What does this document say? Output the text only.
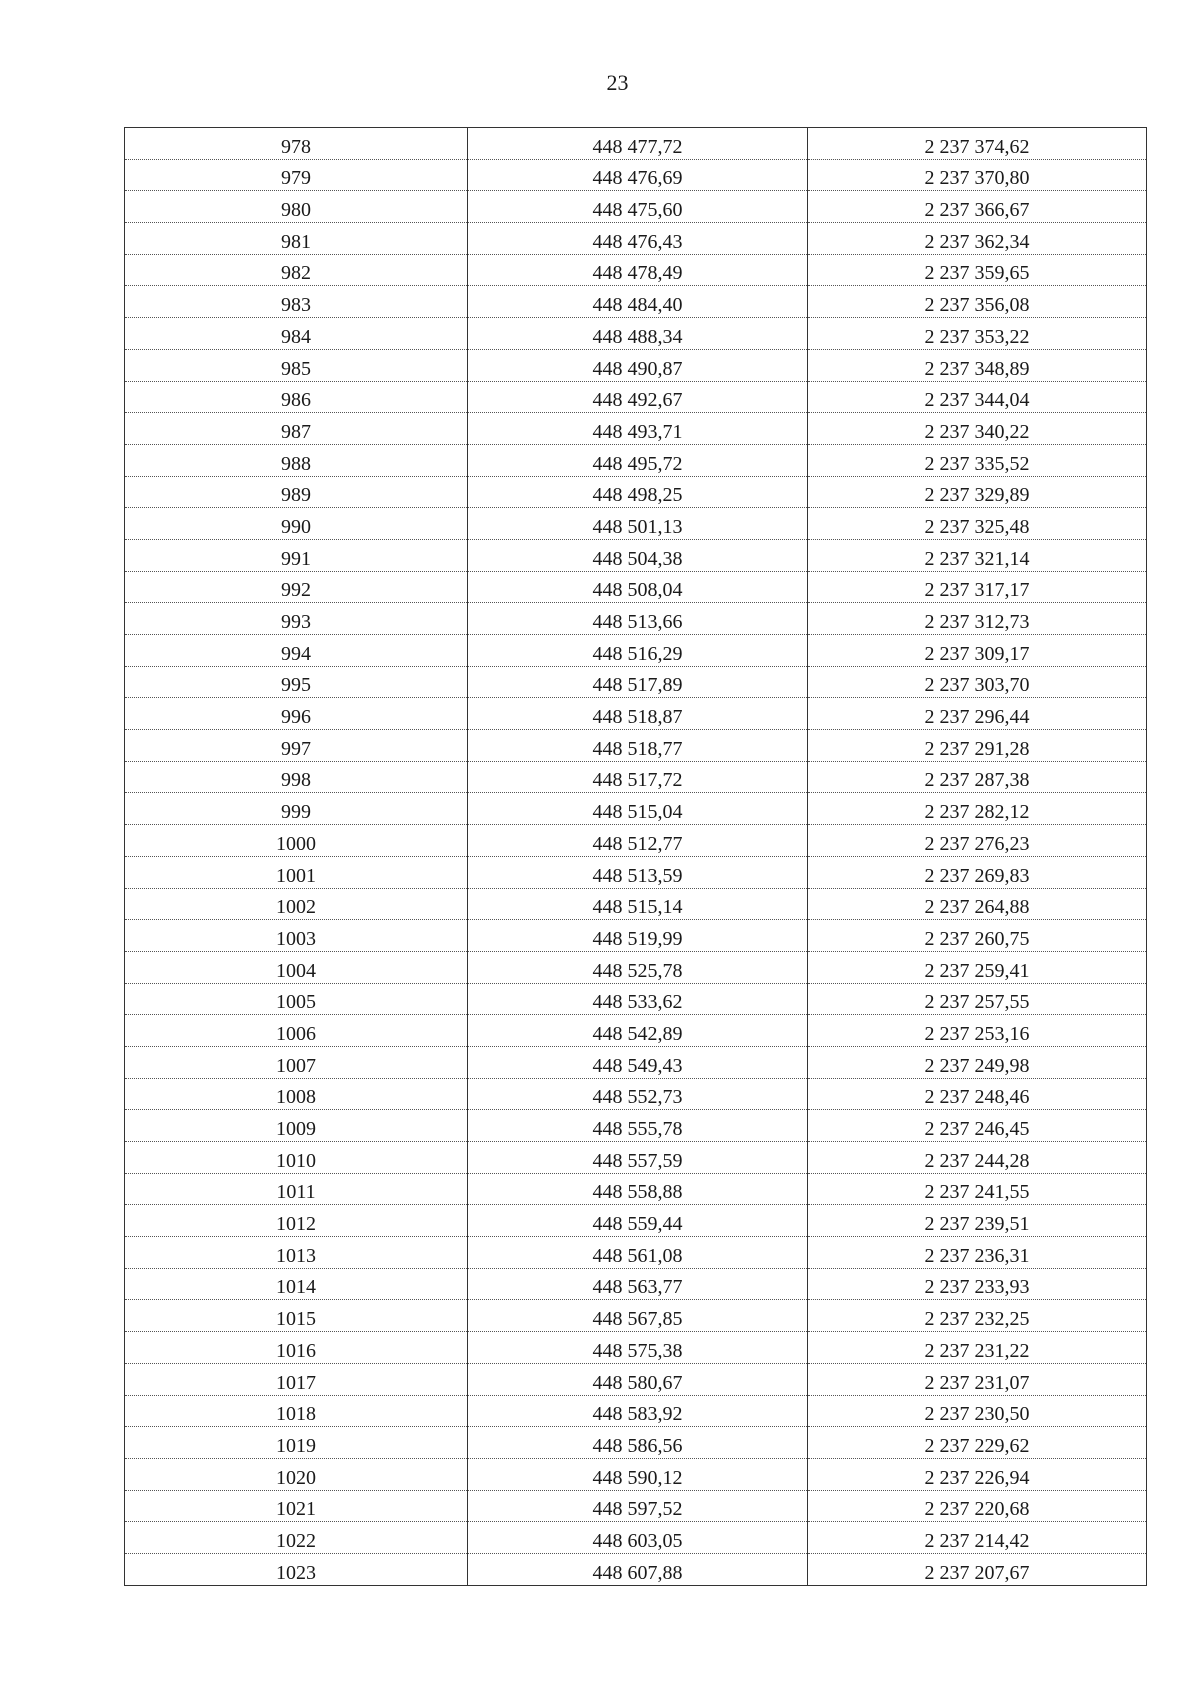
23
978	448 477,72	2 237 374,62
979	448 476,69	2 237 370,80
980	448 475,60	2 237 366,67
981	448 476,43	2 237 362,34
982	448 478,49	2 237 359,65
983	448 484,40	2 237 356,08
984	448 488,34	2 237 353,22
985	448 490,87	2 237 348,89
986	448 492,67	2 237 344,04
987	448 493,71	2 237 340,22
988	448 495,72	2 237 335,52
989	448 498,25	2 237 329,89
990	448 501,13	2 237 325,48
991	448 504,38	2 237 321,14
992	448 508,04	2 237 317,17
993	448 513,66	2 237 312,73
994	448 516,29	2 237 309,17
995	448 517,89	2 237 303,70
996	448 518,87	2 237 296,44
997	448 518,77	2 237 291,28
998	448 517,72	2 237 287,38
999	448 515,04	2 237 282,12
1000	448 512,77	2 237 276,23
1001	448 513,59	2 237 269,83
1002	448 515,14	2 237 264,88
1003	448 519,99	2 237 260,75
1004	448 525,78	2 237 259,41
1005	448 533,62	2 237 257,55
1006	448 542,89	2 237 253,16
1007	448 549,43	2 237 249,98
1008	448 552,73	2 237 248,46
1009	448 555,78	2 237 246,45
1010	448 557,59	2 237 244,28
1011	448 558,88	2 237 241,55
1012	448 559,44	2 237 239,51
1013	448 561,08	2 237 236,31
1014	448 563,77	2 237 233,93
1015	448 567,85	2 237 232,25
1016	448 575,38	2 237 231,22
1017	448 580,67	2 237 231,07
1018	448 583,92	2 237 230,50
1019	448 586,56	2 237 229,62
1020	448 590,12	2 237 226,94
1021	448 597,52	2 237 220,68
1022	448 603,05	2 237 214,42
1023	448 607,88	2 237 207,67
